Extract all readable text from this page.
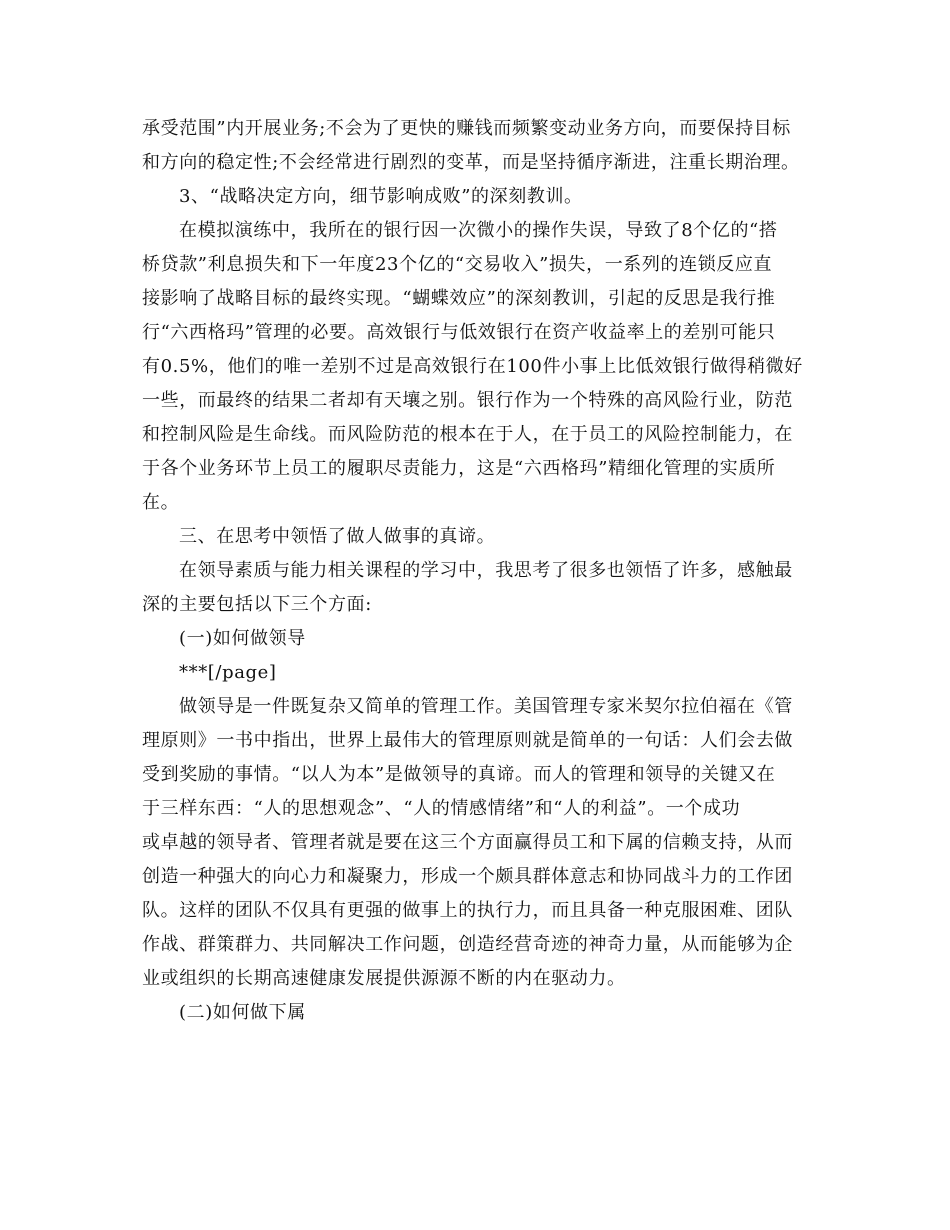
承受范围”内开展业务;不会为了更快的赚钱而频繁变动业务方向，而要保持目标
和方向的稳定性;不会经常进行剧烈的变革，而是坚持循序渐进，注重长期治理。
3、“战略决定方向，细节影响成败”的深刻教训。
在模拟演练中，我所在的银行因一次微小的操作失误，导致了8个亿的“搭
桥贷款”利息损失和下一年度23个亿的“交易收入”损失，一系列的连锁反应直
接影响了战略目标的最终实现。“蝴蝶效应”的深刻教训，引起的反思是我行推
行“六西格玛”管理的必要。高效银行与低效银行在资产收益率上的差别可能只
有0.5%，他们的唯一差别不过是高效银行在100件小事上比低效银行做得稍微好
一些，而最终的结果二者却有天壤之别。银行作为一个特殊的高风险行业，防范
和控制风险是生命线。而风险防范的根本在于人，在于员工的风险控制能力，在
于各个业务环节上员工的履职尽责能力，这是“六西格玛”精细化管理的实质所
在。
三、在思考中领悟了做人做事的真谛。
在领导素质与能力相关课程的学习中，我思考了很多也领悟了许多，感触最
深的主要包括以下三个方面:
(一)如何做领导
***[/page]
做领导是一件既复杂又简单的管理工作。美国管理专家米契尔拉伯福在《管
理原则》一书中指出，世界上最伟大的管理原则就是简单的一句话：人们会去做
受到奖励的事情。“以人为本”是做领导的真谛。而人的管理和领导的关键又在
于三样东西：“人的思想观念”、“人的情感情绪”和“人的利益”。一个成功
或卓越的领导者、管理者就是要在这三个方面赢得员工和下属的信赖支持，从而
创造一种强大的向心力和凝聚力，形成一个颇具群体意志和协同战斗力的工作团
队。这样的团队不仅具有更强的做事上的执行力，而且具备一种克服困难、团队
作战、群策群力、共同解决工作问题，创造经营奇迹的神奇力量，从而能够为企
业或组织的长期高速健康发展提供源源不断的内在驱动力。
(二)如何做下属
